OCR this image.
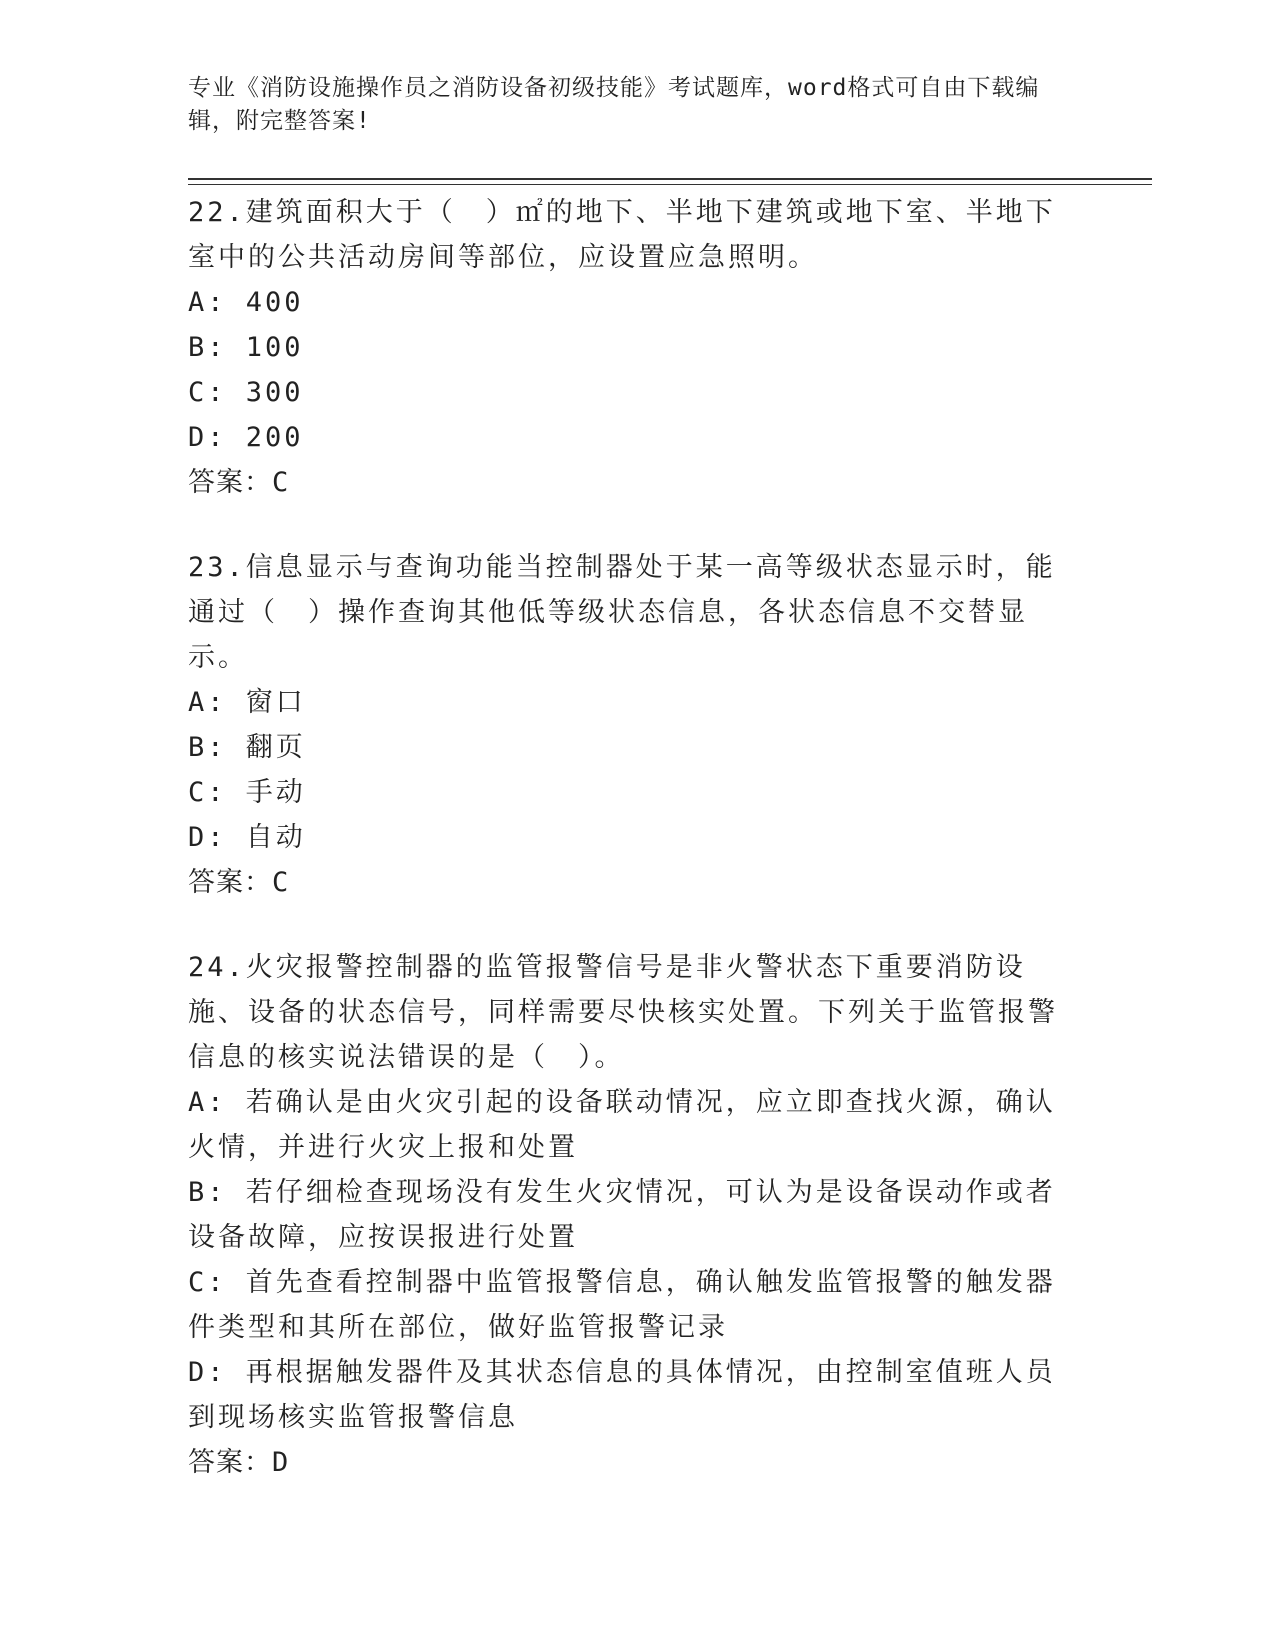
专业《消防设施操作员之消防设备初级技能》考试题库，word格式可自由下载编辑，附完整答案!
22.建筑面积大于（　）㎡的地下、半地下建筑或地下室、半地下室中的公共活动房间等部位，应设置应急照明。
A: 400
B: 100
C: 300
D: 200
答案：C
23.信息显示与查询功能当控制器处于某一高等级状态显示时，能通过（　）操作查询其他低等级状态信息，各状态信息不交替显示。
A: 窗口
B: 翻页
C: 手动
D: 自动
答案：C
24.火灾报警控制器的监管报警信号是非火警状态下重要消防设施、设备的状态信号，同样需要尽快核实处置。下列关于监管报警信息的核实说法错误的是（　）。
A: 若确认是由火灾引起的设备联动情况，应立即查找火源，确认火情，并进行火灾上报和处置
B: 若仔细检查现场没有发生火灾情况，可认为是设备误动作或者设备故障，应按误报进行处置
C: 首先查看控制器中监管报警信息，确认触发监管报警的触发器件类型和其所在部位，做好监管报警记录
D: 再根据触发器件及其状态信息的具体情况，由控制室值班人员到现场核实监管报警信息
答案：D
